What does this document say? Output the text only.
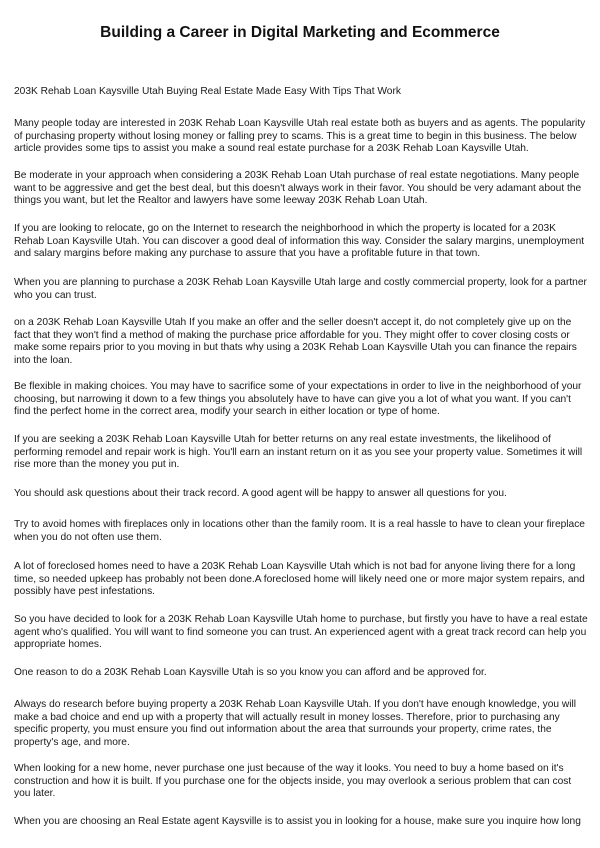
Building a Career in Digital Marketing and Ecommerce

203K Rehab Loan Kaysville Utah Buying Real Estate Made Easy With Tips That Work

Many people today are interested in 203K Rehab Loan Kaysville Utah real estate both as buyers and as agents. The popularity of purchasing property without losing money or falling prey to scams. This is a great time to begin in this business. The below article provides some tips to assist you make a sound real estate purchase for a 203K Rehab Loan Kaysville Utah.

Be moderate in your approach when considering a 203K Rehab Loan Utah purchase of real estate negotiations. Many people want to be aggressive and get the best deal, but this doesn't always work in their favor. You should be very adamant about the things you want, but let the Realtor and lawyers have some leeway 203K Rehab Loan Utah.

If you are looking to relocate, go on the Internet to research the neighborhood in which the property is located for a 203K Rehab Loan Kaysville Utah. You can discover a good deal of information this way. Consider the salary margins, unemployment and salary margins before making any purchase to assure that you have a profitable future in that town.

When you are planning to purchase a 203K Rehab Loan Kaysville Utah large and costly commercial property, look for a partner who you can trust.

on a 203K Rehab Loan Kaysville Utah If you make an offer and the seller doesn't accept it, do not completely give up on the fact that they won't find a method of making the purchase price affordable for you. They might offer to cover closing costs or make some repairs prior to you moving in but thats why using a 203K Rehab Loan Kaysville Utah you can finance the repairs into the loan.

Be flexible in making choices. You may have to sacrifice some of your expectations in order to live in the neighborhood of your choosing, but narrowing it down to a few things you absolutely have to have can give you a lot of what you want. If you can't find the perfect home in the correct area, modify your search in either location or type of home.

If you are seeking a 203K Rehab Loan Kaysville Utah for better returns on any real estate investments, the likelihood of performing remodel and repair work is high. You'll earn an instant return on it as you see your property value. Sometimes it will rise more than the money you put in.

You should ask questions about their track record. A good agent will be happy to answer all questions for you.

Try to avoid homes with fireplaces only in locations other than the family room. It is a real hassle to have to clean your fireplace when you do not often use them.

A lot of foreclosed homes need to have a 203K Rehab Loan Kaysville Utah which is not bad for anyone living there for a long time, so needed upkeep has probably not been done.A foreclosed home will likely need one or more major system repairs, and possibly have pest infestations.

So you have decided to look for a 203K Rehab Loan Kaysville Utah home to purchase, but firstly you have to have a real estate agent who's qualified. You will want to find someone you can trust. An experienced agent with a great track record can help you appropriate homes.

One reason to do a 203K Rehab Loan Kaysville Utah is so you know you can afford and be approved for.

Always do research before buying property a 203K Rehab Loan Kaysville Utah. If you don't have enough knowledge, you will make a bad choice and end up with a property that will actually result in money losses. Therefore, prior to purchasing any specific property, you must ensure you find out information about the area that surrounds your property, crime rates, the property's age, and more.

When looking for a new home, never purchase one just because of the way it looks. You need to buy a home based on it's construction and how it is built. If you purchase one for the objects inside, you may overlook a serious problem that can cost you later.

When you are choosing an Real Estate agent Kaysville is to assist you in looking for a house, make sure you inquire how long
